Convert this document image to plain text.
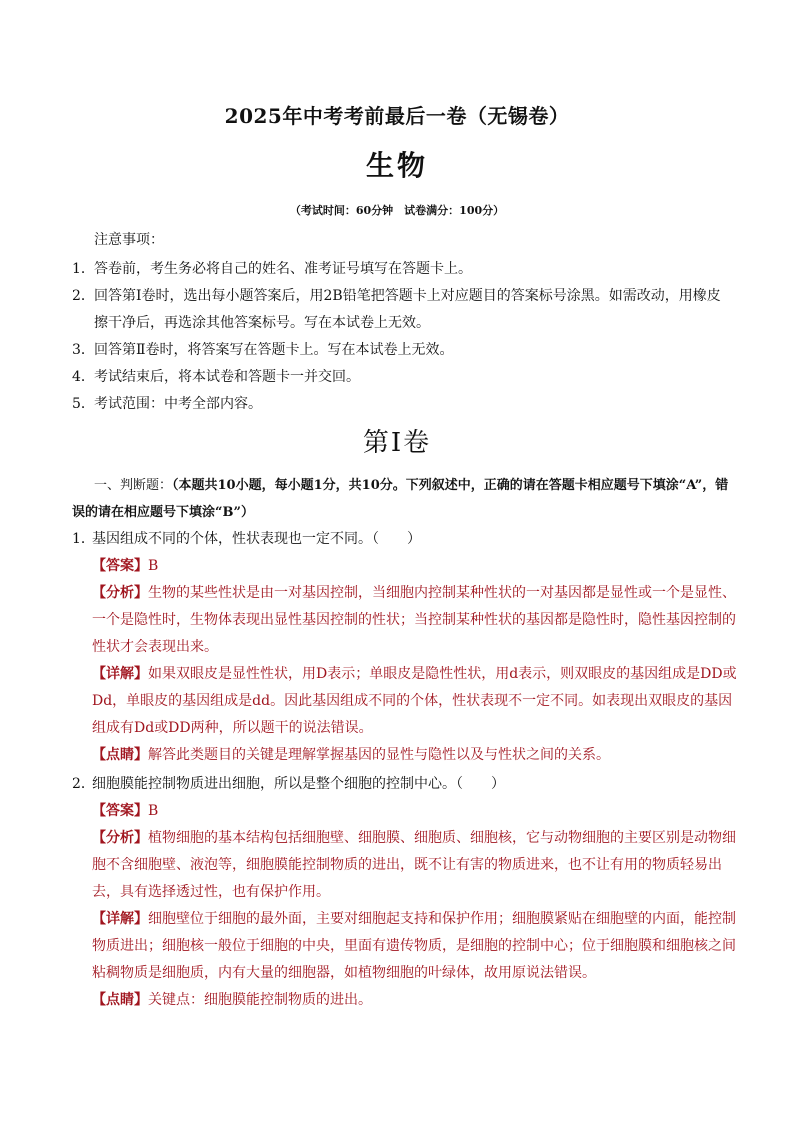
2025年中考考前最后一卷（无锡卷）
生物
（考试时间：60分钟　试卷满分：100分）
注意事项：
1． 答卷前，考生务必将自己的姓名、准考证号填写在答题卡上。
2． 回答第Ⅰ卷时，选出每小题答案后，用2B铅笔把答题卡上对应题目的答案标号涂黑。如需改动，用橡皮擦干净后，再选涂其他答案标号。写在本试卷上无效。
3． 回答第Ⅱ卷时，将答案写在答题卡上。写在本试卷上无效。
4． 考试结束后，将本试卷和答题卡一并交回。
5． 考试范围：中考全部内容。
第Ⅰ卷
一、判断题：（本题共10小题，每小题1分，共10分。下列叙述中，正确的请在答题卡相应题号下填涂“A”，错误的请在相应题号下填涂“B”）
1．
基因组成不同的个体，性状表现也一定不同。（　　）
【答案】B
【分析】生物的某些性状是由一对基因控制，当细胞内控制某种性状的一对基因都是显性或一个是显性、一个是隐性时，生物体表现出显性基因控制的性状；当控制某种性状的基因都是隐性时，隐性基因控制的性状才会表现出来。
【详解】如果双眼皮是显性性状，用D表示；单眼皮是隐性性状，用d表示，则双眼皮的基因组成是DD或Dd，单眼皮的基因组成是dd。因此基因组成不同的个体，性状表现不一定不同。如表现出双眼皮的基因组成有Dd或DD两种，所以题干的说法错误。
【点睛】解答此类题目的关键是理解掌握基因的显性与隐性以及与性状之间的关系。
2．
细胞膜能控制物质进出细胞，所以是整个细胞的控制中心。（　　）
【答案】B
【分析】植物细胞的基本结构包括细胞壁、细胞膜、细胞质、细胞核，它与动物细胞的主要区别是动物细胞不含细胞壁、液泡等，细胞膜能控制物质的进出，既不让有害的物质进来，也不让有用的物质轻易出去，具有选择透过性，也有保护作用。
【详解】细胞壁位于细胞的最外面，主要对细胞起支持和保护作用；细胞膜紧贴在细胞壁的内面，能控制物质进出；细胞核一般位于细胞的中央，里面有遗传物质，是细胞的控制中心；位于细胞膜和细胞核之间粘稠物质是细胞质，内有大量的细胞器，如植物细胞的叶绿体，故用原说法错误。
【点睛】关键点：细胞膜能控制物质的进出。
